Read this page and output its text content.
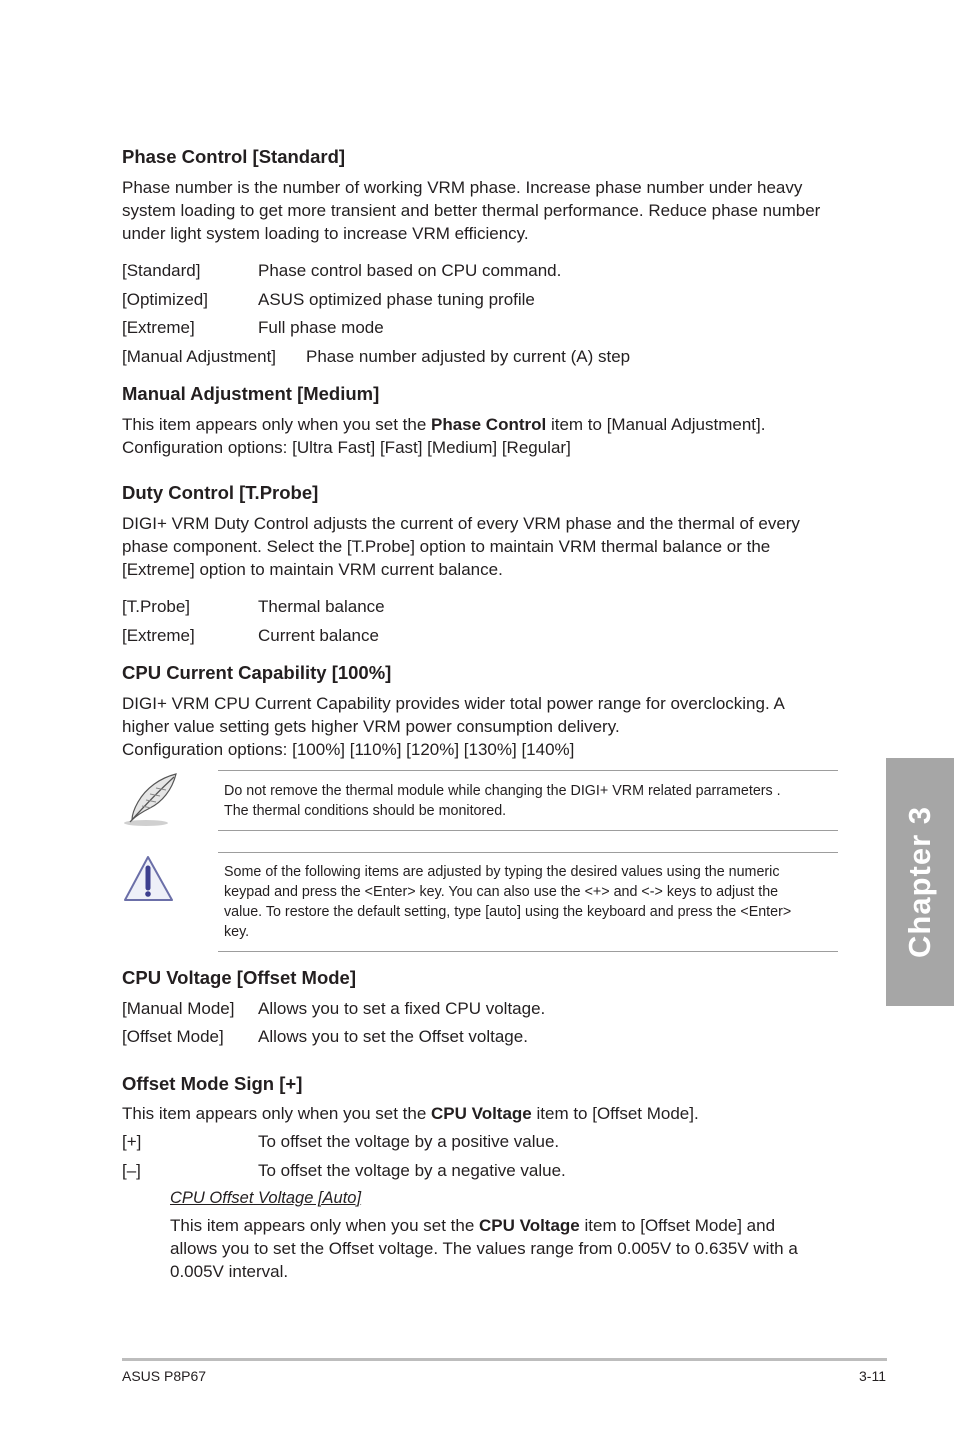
Phase Control [Standard]
Phase number is the number of working VRM phase. Increase phase number under heavy
system loading to get more transient and better thermal performance. Reduce phase number
under light system loading to increase VRM efficiency.
[Standard]	Phase control based on CPU command.
[Optimized]	ASUS optimized phase tuning profile
[Extreme]	Full phase mode
[Manual Adjustment] Phase number adjusted by current (A) step
Manual Adjustment [Medium]
This item appears only when you set the Phase Control item to [Manual Adjustment].
Configuration options: [Ultra Fast] [Fast] [Medium] [Regular]
Duty Control [T.Probe]
DIGI+ VRM Duty Control adjusts the current of every VRM phase and the thermal of every
phase component. Select the [T.Probe] option to maintain VRM thermal balance or the
[Extreme] option to maintain VRM current balance.
[T.Probe]	Thermal balance
[Extreme]	Current balance
CPU Current Capability [100%]
DIGI+ VRM CPU Current Capability provides wider total power range for overclocking. A
higher value setting gets higher VRM power consumption delivery.
Configuration options: [100%] [110%] [120%] [130%] [140%]
Do not remove the thermal module while changing the DIGI+ VRM related parrameters .
The thermal conditions should be monitored.
Some of the following items are adjusted by typing the desired values using the numeric
keypad and press the <Enter> key. You can also use the <+> and <-> keys to adjust the
value. To restore the default setting, type [auto] using the keyboard and press the <Enter>
key.
CPU Voltage [Offset Mode]
[Manual Mode] Allows you to set a fixed CPU voltage.
[Offset Mode] Allows you to set the Offset voltage.
Offset Mode Sign [+]
This item appears only when you set the CPU Voltage item to [Offset Mode].
[+]	To offset the voltage by a positive value.
[–]	To offset the voltage by a negative value.
CPU Offset Voltage [Auto]
This item appears only when you set the CPU Voltage item to [Offset Mode] and
allows you to set the Offset voltage. The values range from 0.005V to 0.635V with a
0.005V interval.
Chapter 3
ASUS P8P67	3-11
